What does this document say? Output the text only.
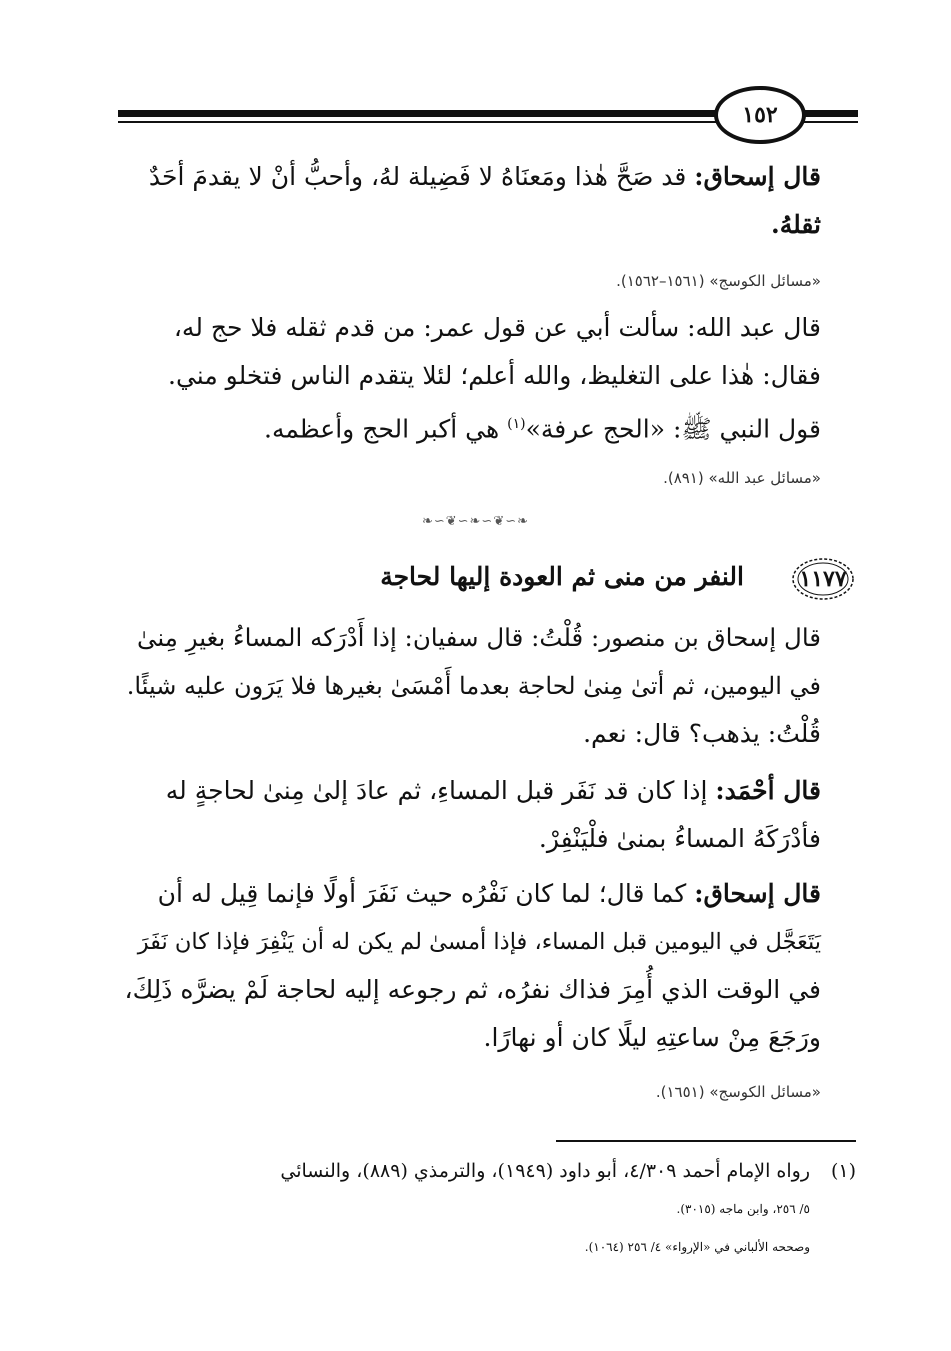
١٥٢
قال إسحاق: قد صَحَّ هٰذا ومَعنَاهُ لا فَضِيلة لهُ، وأحبُّ أنْ لا يقدمَ أحَدٌ
ثقلهُ.
«مسائل الكوسج» (١٥٦١–١٥٦٢).
قال عبد الله: سألت أبي عن قول عمر: من قدم ثقله فلا حج له،
فقال: هٰذا على التغليظ، والله أعلم؛ لئلا يتقدم الناس فتخلو مني.
قول النبي ﷺ: «الحج عرفة»$^{(١)}$ هي أكبر الحج وأعظمه.
«مسائل عبد الله» (٨٩١).
❧∽❦∽❧∽❦∽❧
١١٧٧
النفر من منى ثم العودة إليها لحاجة
قال إسحاق بن منصور: قُلْتُ: قال سفيان: إذا أَدْرَكه المساءُ بغيرِ مِنىٰ
في اليومين، ثم أتىٰ مِنىٰ لحاجة بعدما أَمْسَىٰ بغيرها فلا يَرَون عليه شيئًا.
قُلْتُ: يذهب؟ قال: نعم.
قال أحْمَد: إذا كان قد نَفَر قبل المساءِ، ثم عادَ إلىٰ مِنىٰ لحاجةٍ له
فأدْرَكَهُ المساءُ بمنىٰ فلْيَنْفِرْ.
قال إسحاق: كما قال؛ لما كان نَفْرُه حيث نَفَرَ أولًا فإنما قِيل له أن
يَتَعَجَّل في اليومين قبل المساء، فإذا أمسىٰ لم يكن له أن يَنْفِرَ فإذا كان نَفَرَ
في الوقت الذي أُمِرَ فذاك نفرُه، ثم رجوعه إليه لحاجة لَمْ يضرَّه ذَلِكَ،
ورَجَعَ مِنْ ساعتِهِ ليلًا كان أو نهارًا.
«مسائل الكوسج» (١٦٥١).
(١)رواه الإمام أحمد ٤/٣٠٩، أبو داود (١٩٤٩)، والترمذي (٨٨٩)، والنسائي
٥/ ٢٥٦، وابن ماجه (٣٠١٥).
وصححه الألباني في «الإرواء» ٤/ ٢٥٦ (١٠٦٤).
